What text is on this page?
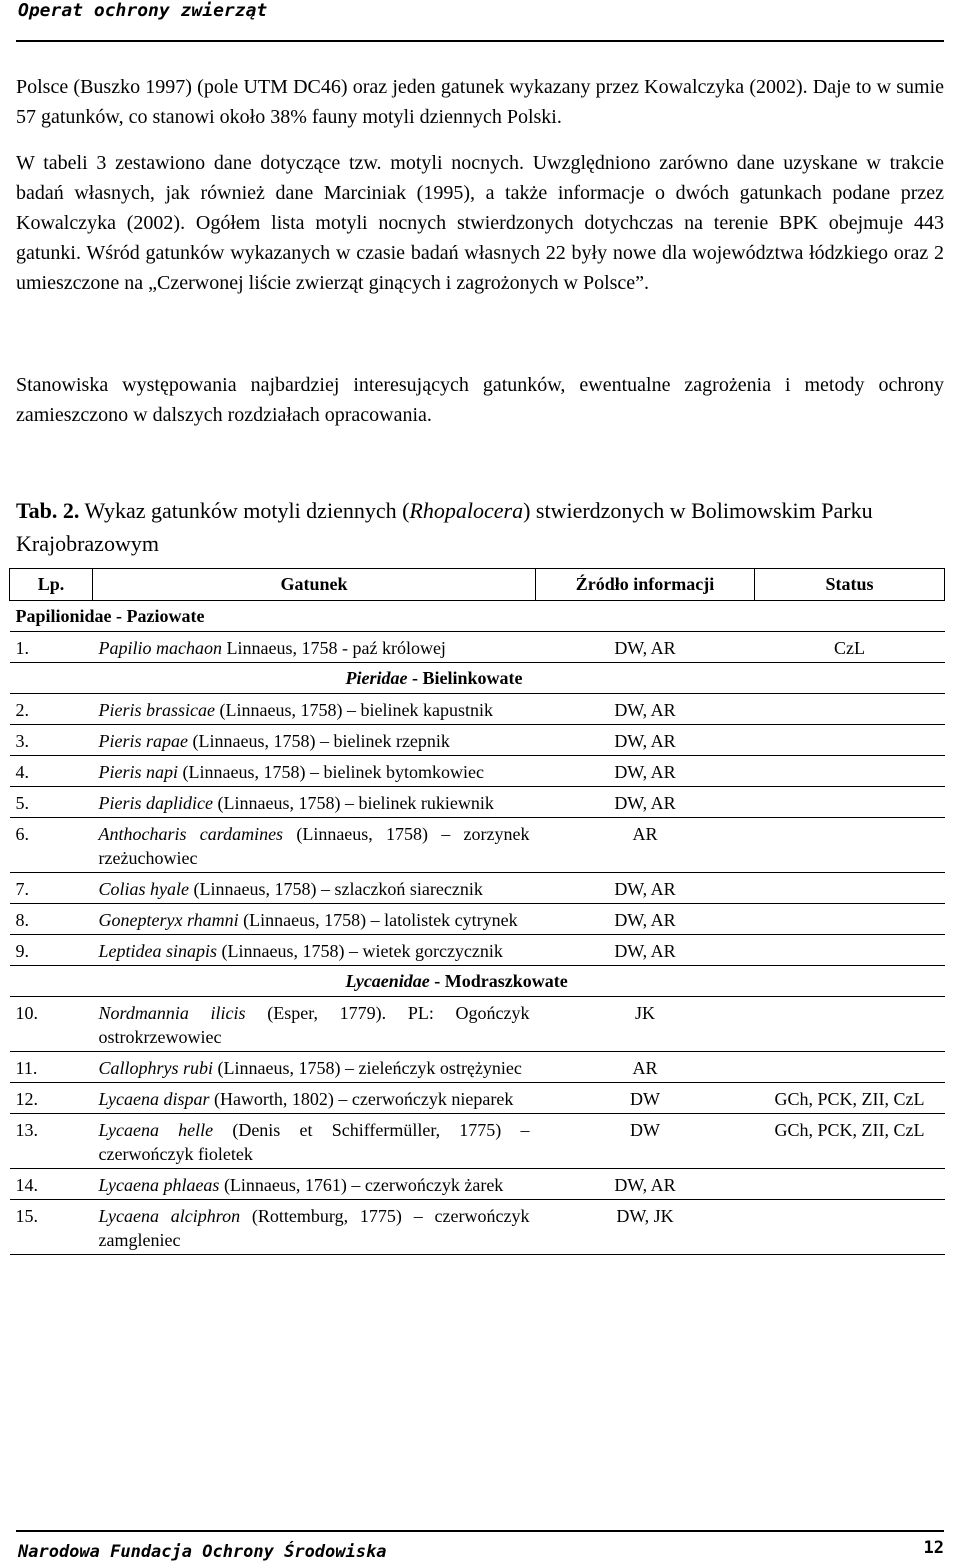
Operat ochrony zwierząt

Polsce (Buszko 1997) (pole UTM DC46) oraz jeden gatunek wykazany przez Kowalczyka (2002). Daje to w sumie 57 gatunków, co stanowi około 38% fauny motyli dziennych Polski.

W tabeli 3 zestawiono dane dotyczące tzw. motyli nocnych. Uwzględniono zarówno dane uzyskane w trakcie badań własnych, jak również dane Marciniak (1995), a także informacje o dwóch gatunkach podane przez Kowalczyka (2002). Ogółem lista motyli nocnych stwierdzonych dotychczas na terenie BPK obejmuje 443 gatunki. Wśród gatunków wykazanych w czasie badań własnych 22 były nowe dla województwa łódzkiego oraz 2 umieszczone na „Czerwonej liście zwierząt ginących i zagrożonych w Polsce”.

Stanowiska występowania najbardziej interesujących gatunków, ewentualne zagrożenia i metody ochrony zamieszczono w dalszych rozdziałach opracowania.

Tab. 2. Wykaz gatunków motyli dziennych (Rhopalocera) stwierdzonych w Bolimowskim Parku Krajobrazowym

Lp.	Gatunek	Źródło informacji	Status
Papilionidae - Paziowate			
1.	Papilio machaon Linnaeus, 1758 - paź królowej	DW, AR	CzL
Pieridae - Bielinkowate			
2.	Pieris brassicae (Linnaeus, 1758) – bielinek kapustnik	DW, AR	
3.	Pieris rapae (Linnaeus, 1758) – bielinek rzepnik	DW, AR	
4.	Pieris napi (Linnaeus, 1758) – bielinek bytomkowiec	DW, AR	
5.	Pieris daplidice (Linnaeus, 1758) – bielinek rukiewnik	DW, AR	
6.	Anthocharis cardamines (Linnaeus, 1758) – zorzynek rzeżuchowiec	AR	
7.	Colias hyale (Linnaeus, 1758) – szlaczkoń siarecznik	DW, AR	
8.	Gonepteryx rhamni (Linnaeus, 1758) – latolistek cytrynek	DW, AR	
9.	Leptidea sinapis (Linnaeus, 1758) – wietek gorczycznik	DW, AR	
Lycaenidae - Modraszkowate			
10.	Nordmannia ilicis (Esper, 1779). PL: Ogończyk ostrokrzewowiec	JK	
11.	Callophrys rubi (Linnaeus, 1758) – zieleńczyk ostrężyniec	AR	
12.	Lycaena dispar (Haworth, 1802) – czerwończyk nieparek	DW	GCh, PCK, ZII, CzL
13.	Lycaena helle (Denis et Schiffermüller, 1775) – czerwończyk fioletek	DW	GCh, PCK, ZII, CzL
14.	Lycaena phlaeas (Linnaeus, 1761) – czerwończyk żarek	DW, AR	
15.	Lycaena alciphron (Rottemburg, 1775) – czerwończyk zamgleniec	DW, JK	
Narodowa Fundacja Ochrony Środowiska	12
